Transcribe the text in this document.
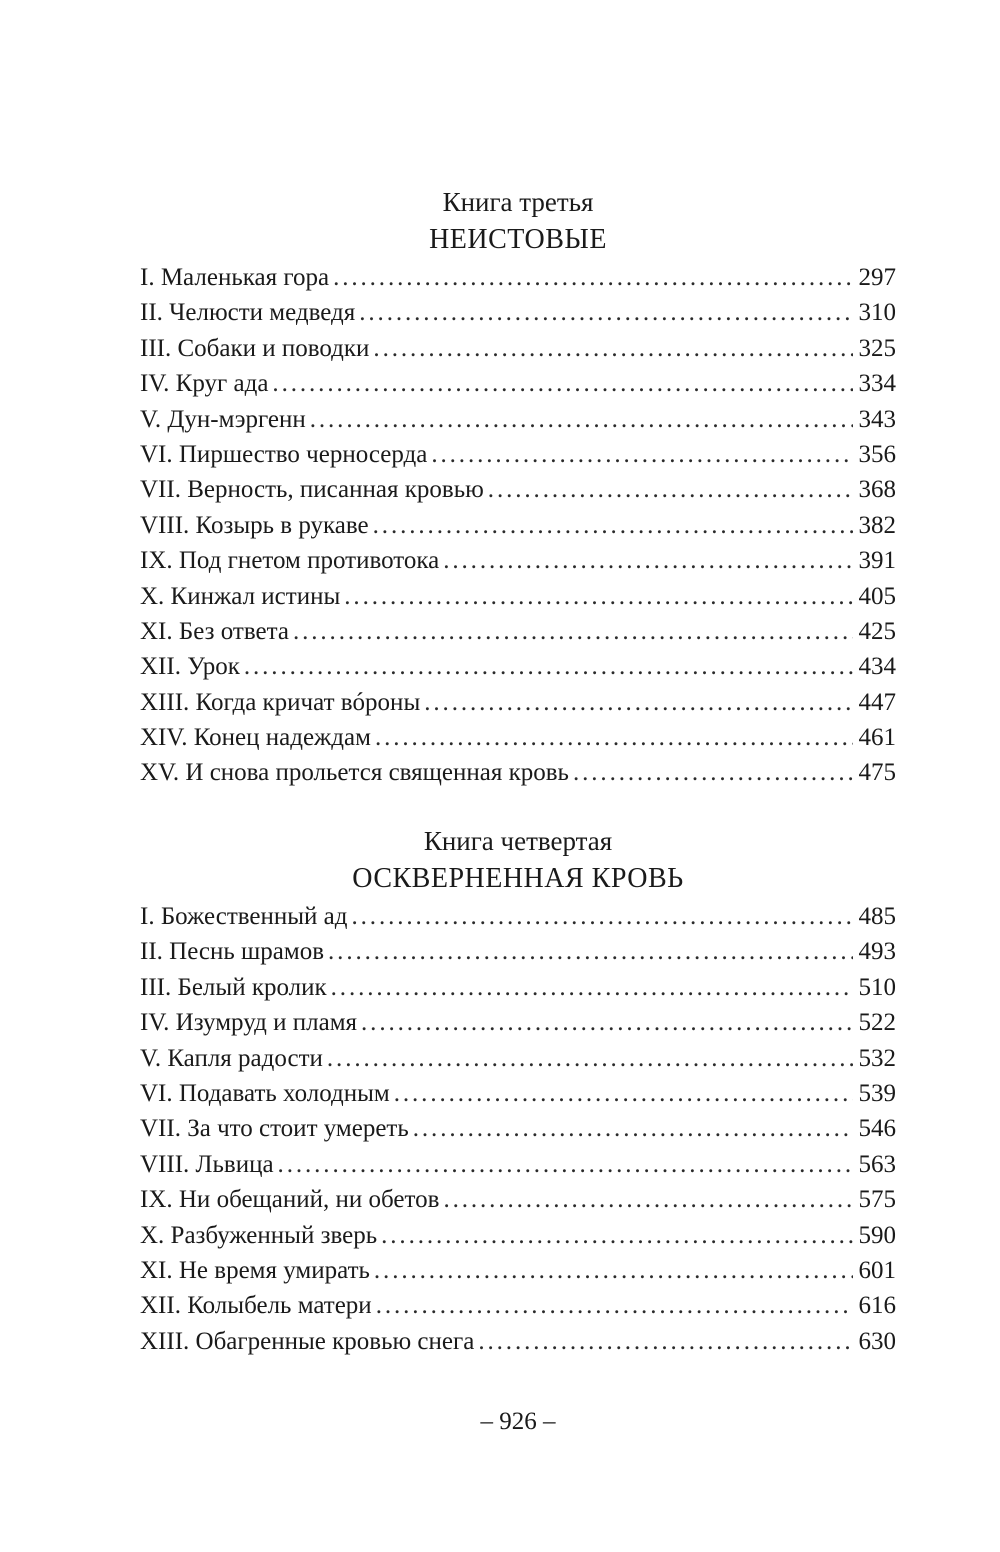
Книга третья
НЕИСТОВЫЕ
I. Маленькая гора .....	297
II. Челюсти медведя .....	310
III. Собаки и поводки .....	325
IV. Круг ада .....	334
V. Дун-мэргенн .....	343
VI. Пиршество черносерда .....	356
VII. Верность, писанная кровью .....	368
VIII. Козырь в рукаве .....	382
IX. Под гнетом противотока .....	391
X. Кинжал истины .....	405
XI. Без ответа .....	425
XII. Урок .....	434
XIII. Когда кричат вóроны .....	447
XIV. Конец надеждам .....	461
XV. И снова прольется священная кровь .....	475
Книга четвертая
ОСКВЕРНЕННАЯ КРОВЬ
I. Божественный ад .....	485
II. Песнь шрамов .....	493
III. Белый кролик .....	510
IV. Изумруд и пламя .....	522
V. Капля радости .....	532
VI. Подавать холодным .....	539
VII. За что стоит умереть .....	546
VIII. Львица .....	563
IX. Ни обещаний, ни обетов .....	575
X. Разбуженный зверь .....	590
XI. Не время умирать .....	601
XII. Колыбель матери .....	616
XIII. Обагренные кровью снега .....	630
– 926 –
